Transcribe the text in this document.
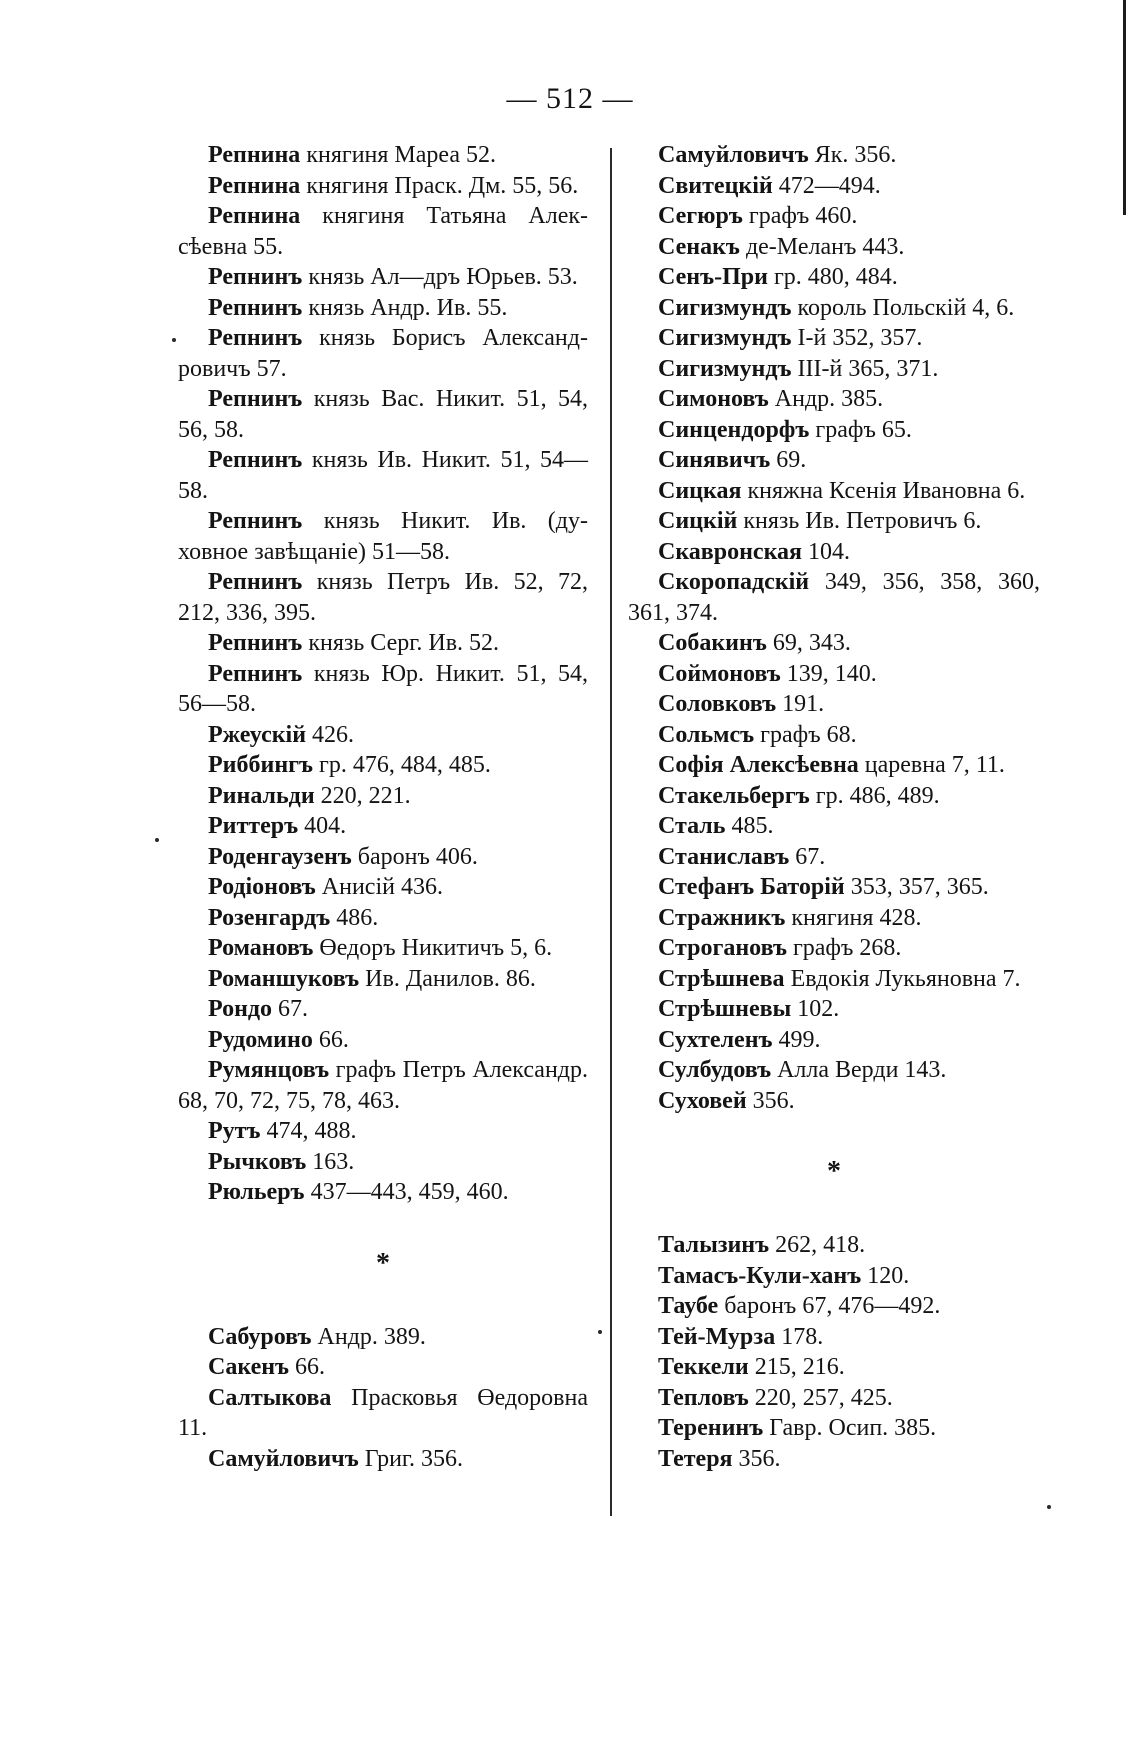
— 512 —

Репнина княгиня Мареа 52.

Репнина княгиня Праск. Дм. 55, 56.

Репнина княгиня Татьяна Алексѣевна 55.

Репнинъ князь Ал—дръ Юрьев. 53.

Репнинъ князь Андр. Ив. 55.

Репнинъ князь Борисъ Александровичъ 57.

Репнинъ князь Вас. Никит. 51, 54, 56, 58.

Репнинъ князь Ив. Никит. 51, 54—58.

Репнинъ князь Никит. Ив. (духовное завѣщаніе) 51—58.

Репнинъ князь Петръ Ив. 52, 72, 212, 336, 395.

Репнинъ князь Серг. Ив. 52.

Репнинъ князь Юр. Никит. 51, 54, 56—58.

Ржеускій 426.

Риббингъ гр. 476, 484, 485.

Ринальди 220, 221.

Риттеръ 404.

Роденгаузенъ баронъ 406.

Родіоновъ Анисій 436.

Розенгардъ 486.

Романовъ Өедоръ Никитичъ 5, 6.

Романшуковъ Ив. Данилов. 86.

Рондо 67.

Рудомино 66.

Румянцовъ графъ Петръ Александр. 68, 70, 72, 75, 78, 463.

Рутъ 474, 488.

Рычковъ 163.

Рюльеръ 437—443, 459, 460.

*

Сабуровъ Андр. 389.

Сакенъ 66.

Салтыкова Прасковья Өедоровна 11.

Самуйловичъ Григ. 356.

Самуйловичъ Як. 356.

Свитецкій 472—494.

Сегюръ графъ 460.

Сенакъ де-Меланъ 443.

Сенъ-При гр. 480, 484.

Сигизмундъ король Польскій 4, 6.

Сигизмундъ І-й 352, 357.

Сигизмундъ ІІІ-й 365, 371.

Симоновъ Андр. 385.

Синцендорфъ графъ 65.

Синявичъ 69.

Сицкая княжна Ксенія Ивановна 6.

Сицкій князь Ив. Петровичъ 6.

Скавронская 104.

Скоропадскій 349, 356, 358, 360, 361, 374.

Собакинъ 69, 343.

Соймоновъ 139, 140.

Соловковъ 191.

Сольмсъ графъ 68.

Софія Алексѣевна царевна 7, 11.

Стакельбергъ гр. 486, 489.

Сталь 485.

Станиславъ 67.

Стефанъ Баторій 353, 357, 365.

Стражникъ княгиня 428.

Строгановъ графъ 268.

Стрѣшнева Евдокія Лукьяновна 7.

Стрѣшневы 102.

Сухтеленъ 499.

Сулбудовъ Алла Верди 143.

Суховей 356.

*

Талызинъ 262, 418.

Тамасъ-Кули-ханъ 120.

Таубе баронъ 67, 476—492.

Тей-Мурза 178.

Теккели 215, 216.

Тепловъ 220, 257, 425.

Теренинъ Гавр. Осип. 385.

Тетеря 356.
